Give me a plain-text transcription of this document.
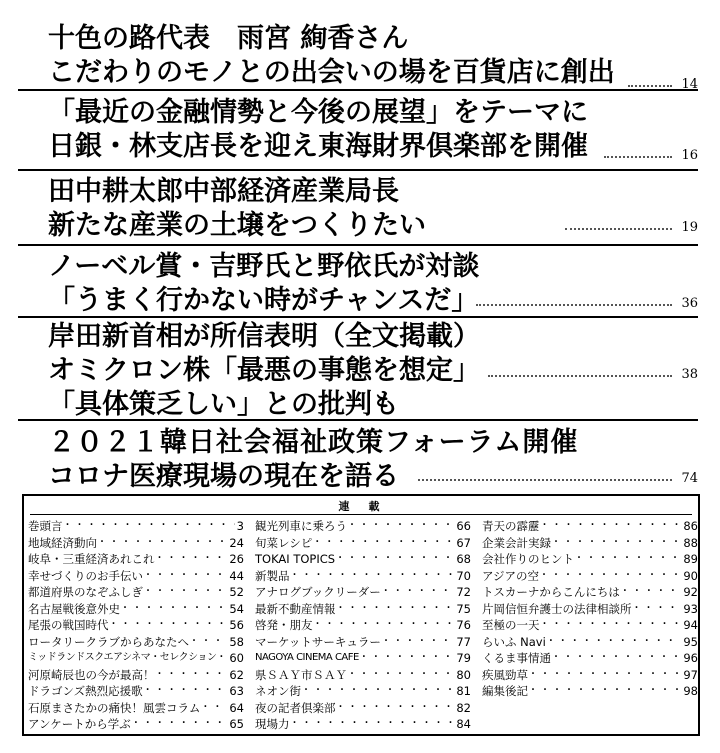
十色の路代表　雨宮 絢香さん
こだわりのモノとの出会いの場を百貨店に創出	14
「最近の金融情勢と今後の展望」をテーマに
日銀・林支店長を迎え東海財界倶楽部を開催	16
田中耕太郎中部経済産業局長
新たな産業の土壌をつくりたい	19
ノーベル賞・吉野氏と野依氏が対談
「うまく行かない時がチャンスだ」	36
岸田新首相が所信表明（全文掲載）
オミクロン株「最悪の事態を想定」
「具体策乏しい」との批判も
38
２０２１韓日社会福祉政策フォーラム開催
コロナ医療現場の現在を語る	74
連　載
巻頭言 ・・・・・・・・・・・・・・・・・・・・・・・・・・・・・・	3
地域経済動向 ・・・・・・・・・・・・・・・・・・・・・・・・・・・・・・	24
岐阜・三重経済あれこれ ・・・・・・・・・・・・・・・・・・・・・・・・・・・・・・	26
幸せづくりのお手伝い ・・・・・・・・・・・・・・・・・・・・・・・・・・・・・・	44
都道府県のなぞふしぎ ・・・・・・・・・・・・・・・・・・・・・・・・・・・・・・	52
名古屋戦後意外史 ・・・・・・・・・・・・・・・・・・・・・・・・・・・・・・	54
尾張の戦国時代 ・・・・・・・・・・・・・・・・・・・・・・・・・・・・・・	56
ロータリークラブからあなたへ ・・・・・・・・・・・・・・・・・・・・・・・・・・・・・・	58
ミッドランドスクエアシネマ・セレクション ・・・・・・・・・・・・・・・・・・・・・・・・・・・・・・ 60
河原崎辰也の今が最高！ ・・・・・・・・・・・・・・・・・・・・・・・・・・・・・・	62
ドラゴンズ熱烈応援歌 ・・・・・・・・・・・・・・・・・・・・・・・・・・・・・・	63
石原まさたかの痛快！風雲コラム ・・・・・・・・・・・・・・・・・・・・・・・・・・・・・・	64
アンケートから学ぶ ・・・・・・・・・・・・・・・・・・・・・・・・・・・・・・	65
観光列車に乗ろう ・・・・・・・・・・・・・・・・・・・・・・・・・・・・・・	66
旬菜レシピ ・・・・・・・・・・・・・・・・・・・・・・・・・・・・・・	67
TOKAI TOPICS ・・・・・・・・・・・・・・・・・・・・・・・・・・・・・・	68
新製品 ・・・・・・・・・・・・・・・・・・・・・・・・・・・・・・	70
アナログブックリーダー ・・・・・・・・・・・・・・・・・・・・・・・・・・・・・・	72
最新不動産情報 ・・・・・・・・・・・・・・・・・・・・・・・・・・・・・・	75
啓発・朋友 ・・・・・・・・・・・・・・・・・・・・・・・・・・・・・・	76
マーケットサーキュラー ・・・・・・・・・・・・・・・・・・・・・・・・・・・・・・	77
NAGOYA CINEMA CAFE ・・・・・・・・・・・・・・・・・・・・・・・・・・・・・・	79
県ＳＡＹ市ＳＡＹ ・・・・・・・・・・・・・・・・・・・・・・・・・・・・・・	80
ネオン街 ・・・・・・・・・・・・・・・・・・・・・・・・・・・・・・	81
夜の記者倶楽部 ・・・・・・・・・・・・・・・・・・・・・・・・・・・・・・	82
現場力 ・・・・・・・・・・・・・・・・・・・・・・・・・・・・・・	84
青天の霹靂 ・・・・・・・・・・・・・・・・・・・・・・・・・・・・・・	86
企業会計実録 ・・・・・・・・・・・・・・・・・・・・・・・・・・・・・・	88
会社作りのヒント ・・・・・・・・・・・・・・・・・・・・・・・・・・・・・・	89
アジアの空 ・・・・・・・・・・・・・・・・・・・・・・・・・・・・・・	90
トスカーナからこんにちは ・・・・・・・・・・・・・・・・・・・・・・・・・・・・・・	92
片岡信恒弁護士の法律相談所 ・・・・・・・・・・・・・・・・・・・・・・・・・・・・・・	93
至極の一天 ・・・・・・・・・・・・・・・・・・・・・・・・・・・・・・	94
らいふ Navi ・・・・・・・・・・・・・・・・・・・・・・・・・・・・・・	95
くるま事情通 ・・・・・・・・・・・・・・・・・・・・・・・・・・・・・・	96
疾風勁草 ・・・・・・・・・・・・・・・・・・・・・・・・・・・・・・	97
編集後記 ・・・・・・・・・・・・・・・・・・・・・・・・・・・・・・	98
